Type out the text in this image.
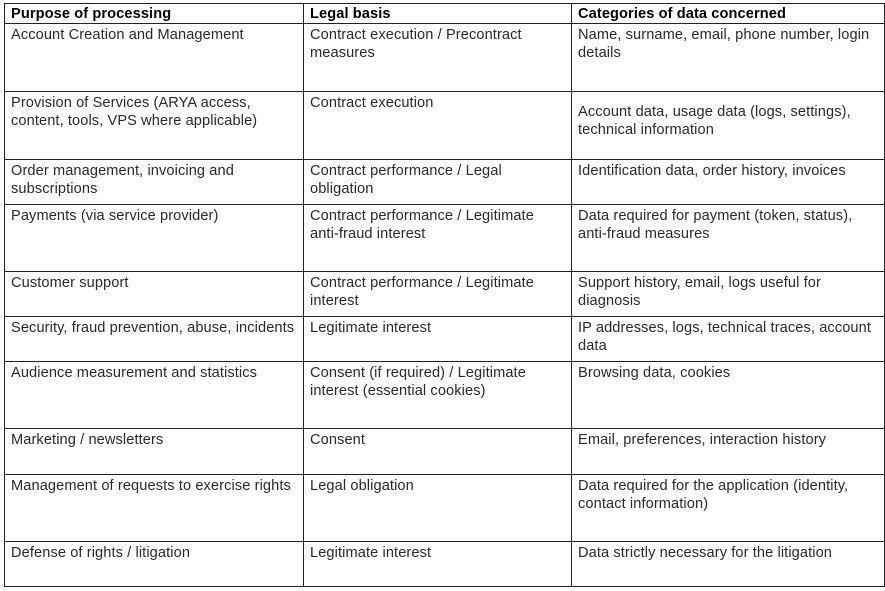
Purpose of processing	Legal basis	Categories of data concerned

Account Creation and Management	Contract execution / Precontract measures	Name, surname, email, phone number, login details

Provision of Services (ARYA access, content, tools, VPS where applicable)	Contract execution	Account data, usage data (logs, settings), technical information

Order management, invoicing and subscriptions	Contract performance / Legal obligation	Identification data, order history, invoices

Payments (via service provider)	Contract performance / Legitimate anti-fraud interest	Data required for payment (token, status), anti-fraud measures

Customer support	Contract performance / Legitimate interest	Support history, email, logs useful for diagnosis

Security, fraud prevention, abuse, incidents	Legitimate interest	IP addresses, logs, technical traces, account data

Audience measurement and statistics	Consent (if required) / Legitimate interest (essential cookies)	Browsing data, cookies

Marketing / newsletters	Consent	Email, preferences, interaction history

Management of requests to exercise rights	Legal obligation	Data required for the application (identity, contact information)

Defense of rights / litigation	Legitimate interest	Data strictly necessary for the litigation
